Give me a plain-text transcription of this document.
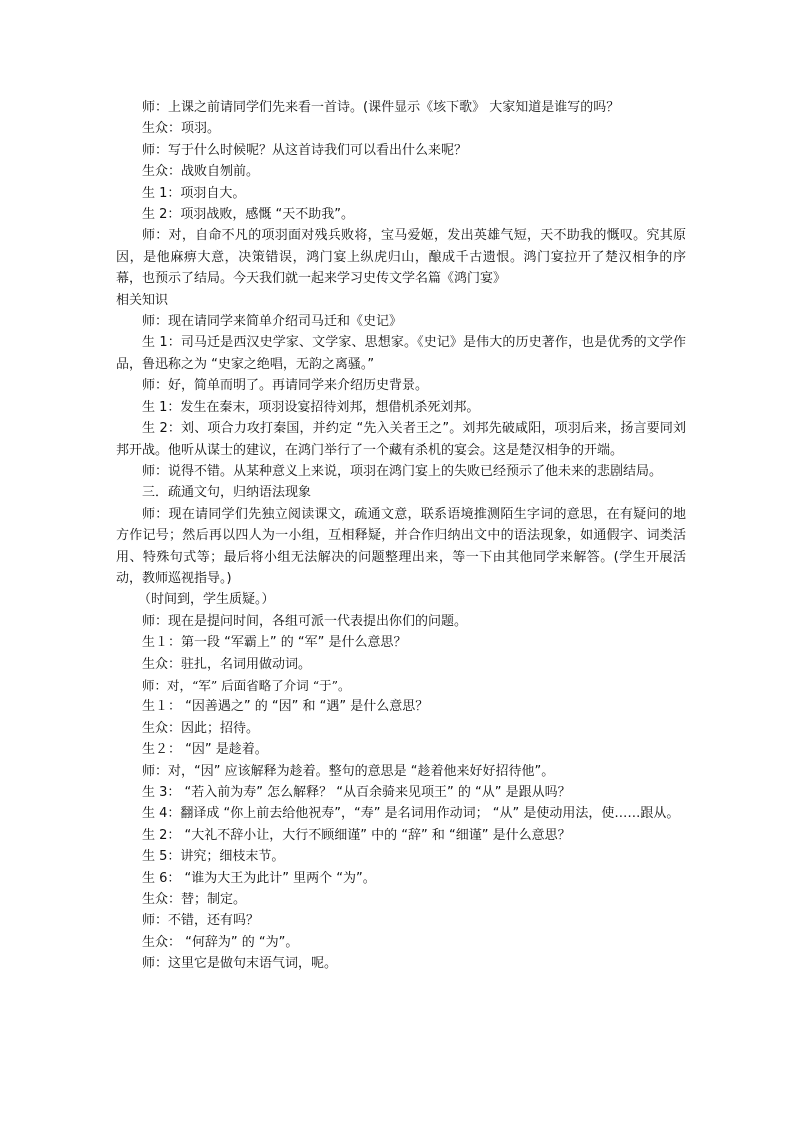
师：上课之前请同学们先来看一首诗。(课件显示《垓下歌》 大家知道是谁写的吗？

生众：项羽。

师：写于什么时候呢？从这首诗我们可以看出什么来呢？

生众：战败自刎前。

生 1：项羽自大。

生 2：项羽战败，感慨 “天不助我”。

师：对，自命不凡的项羽面对残兵败将，宝马爱姬，发出英雄气短，天不助我的慨叹。究其原因，是他麻痹大意，决策错误，鸿门宴上纵虎归山，酿成千古遗恨。鸿门宴拉开了楚汉相争的序幕，也预示了结局。今天我们就一起来学习史传文学名篇《鸿门宴》

相关知识

师：现在请同学来简单介绍司马迁和《史记》

生 1：司马迁是西汉史学家、文学家、思想家。《史记》是伟大的历史著作，也是优秀的文学作品，鲁迅称之为 “史家之绝唱，无韵之离骚。”

师：好，简单而明了。再请同学来介绍历史背景。

生 1：发生在秦末，项羽设宴招待刘邦，想借机杀死刘邦。

生 2：刘、项合力攻打秦国，并约定 “先入关者王之”。刘邦先破咸阳，项羽后来，扬言要同刘邦开战。他听从谋士的建议，在鸿门举行了一个藏有杀机的宴会。这是楚汉相争的开端。

师：说得不错。从某种意义上来说，项羽在鸿门宴上的失败已经预示了他未来的悲剧结局。

三．疏通文句，归纳语法现象

师：现在请同学们先独立阅读课文，疏通文意，联系语境推测陌生字词的意思，在有疑问的地方作记号；然后再以四人为一小组，互相释疑，并合作归纳出文中的语法现象，如通假字、词类活用、特殊句式等；最后将小组无法解决的问题整理出来，等一下由其他同学来解答。(学生开展活动，教师巡视指导。)

（时间到，学生质疑。）

师：现在是提问时间，各组可派一代表提出你们的问题。

生１：第一段 “军霸上” 的 “军” 是什么意思？

生众：驻扎，名词用做动词。

师：对，“军” 后面省略了介词 “于”。

生１： “因善遇之” 的 “因” 和 “遇” 是什么意思？

生众：因此；招待。

生２： “因” 是趁着。

师：对，“因” 应该解释为趁着。整句的意思是 “趁着他来好好招待他”。

生 3： “若入前为寿” 怎么解释？ “从百余骑来见项王” 的 “从” 是跟从吗？

生 4：翻译成 “你上前去给他祝寿”，“寿” 是名词用作动词； “从” 是使动用法，使……跟从。

生 2： “大礼不辞小让，大行不顾细谨” 中的 “辞” 和 “细谨” 是什么意思？

生 5：讲究；细枝末节。

生 6： “谁为大王为此计” 里两个 “为”。

生众：替；制定。

师：不错，还有吗？

生众： “何辞为” 的 “为”。

师：这里它是做句末语气词，呢。
